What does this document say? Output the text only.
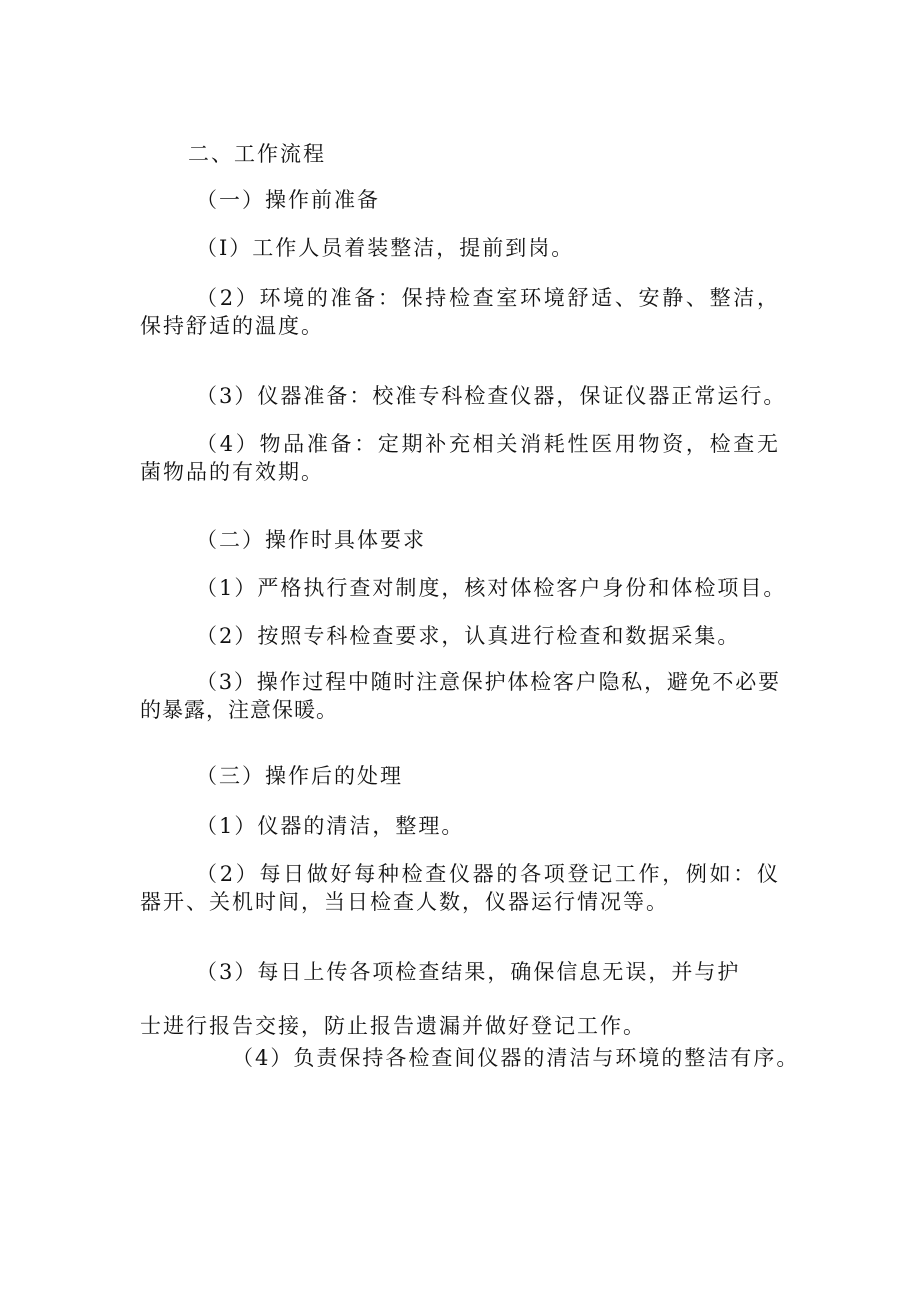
二、工作流程
（一）操作前准备
（I）工作人员着装整洁，提前到岗。
（2）环境的准备：保持检查室环境舒适、安静、整洁，保持舒适的温度。
（3）仪器准备：校准专科检查仪器，保证仪器正常运行。
（4）物品准备：定期补充相关消耗性医用物资，检查无菌物品的有效期。
（二）操作时具体要求
（1）严格执行查对制度，核对体检客户身份和体检项目。
（2）按照专科检查要求，认真进行检查和数据采集。
（3）操作过程中随时注意保护体检客户隐私，避免不必要的暴露，注意保暖。
（三）操作后的处理
（1）仪器的清洁，整理。
（2）每日做好每种检查仪器的各项登记工作，例如：仪器开、关机时间，当日检查人数，仪器运行情况等。
（3）每日上传各项检查结果，确保信息无误，并与护
士进行报告交接，防止报告遗漏并做好登记工作。
（4）负责保持各检查间仪器的清洁与环境的整洁有序。
